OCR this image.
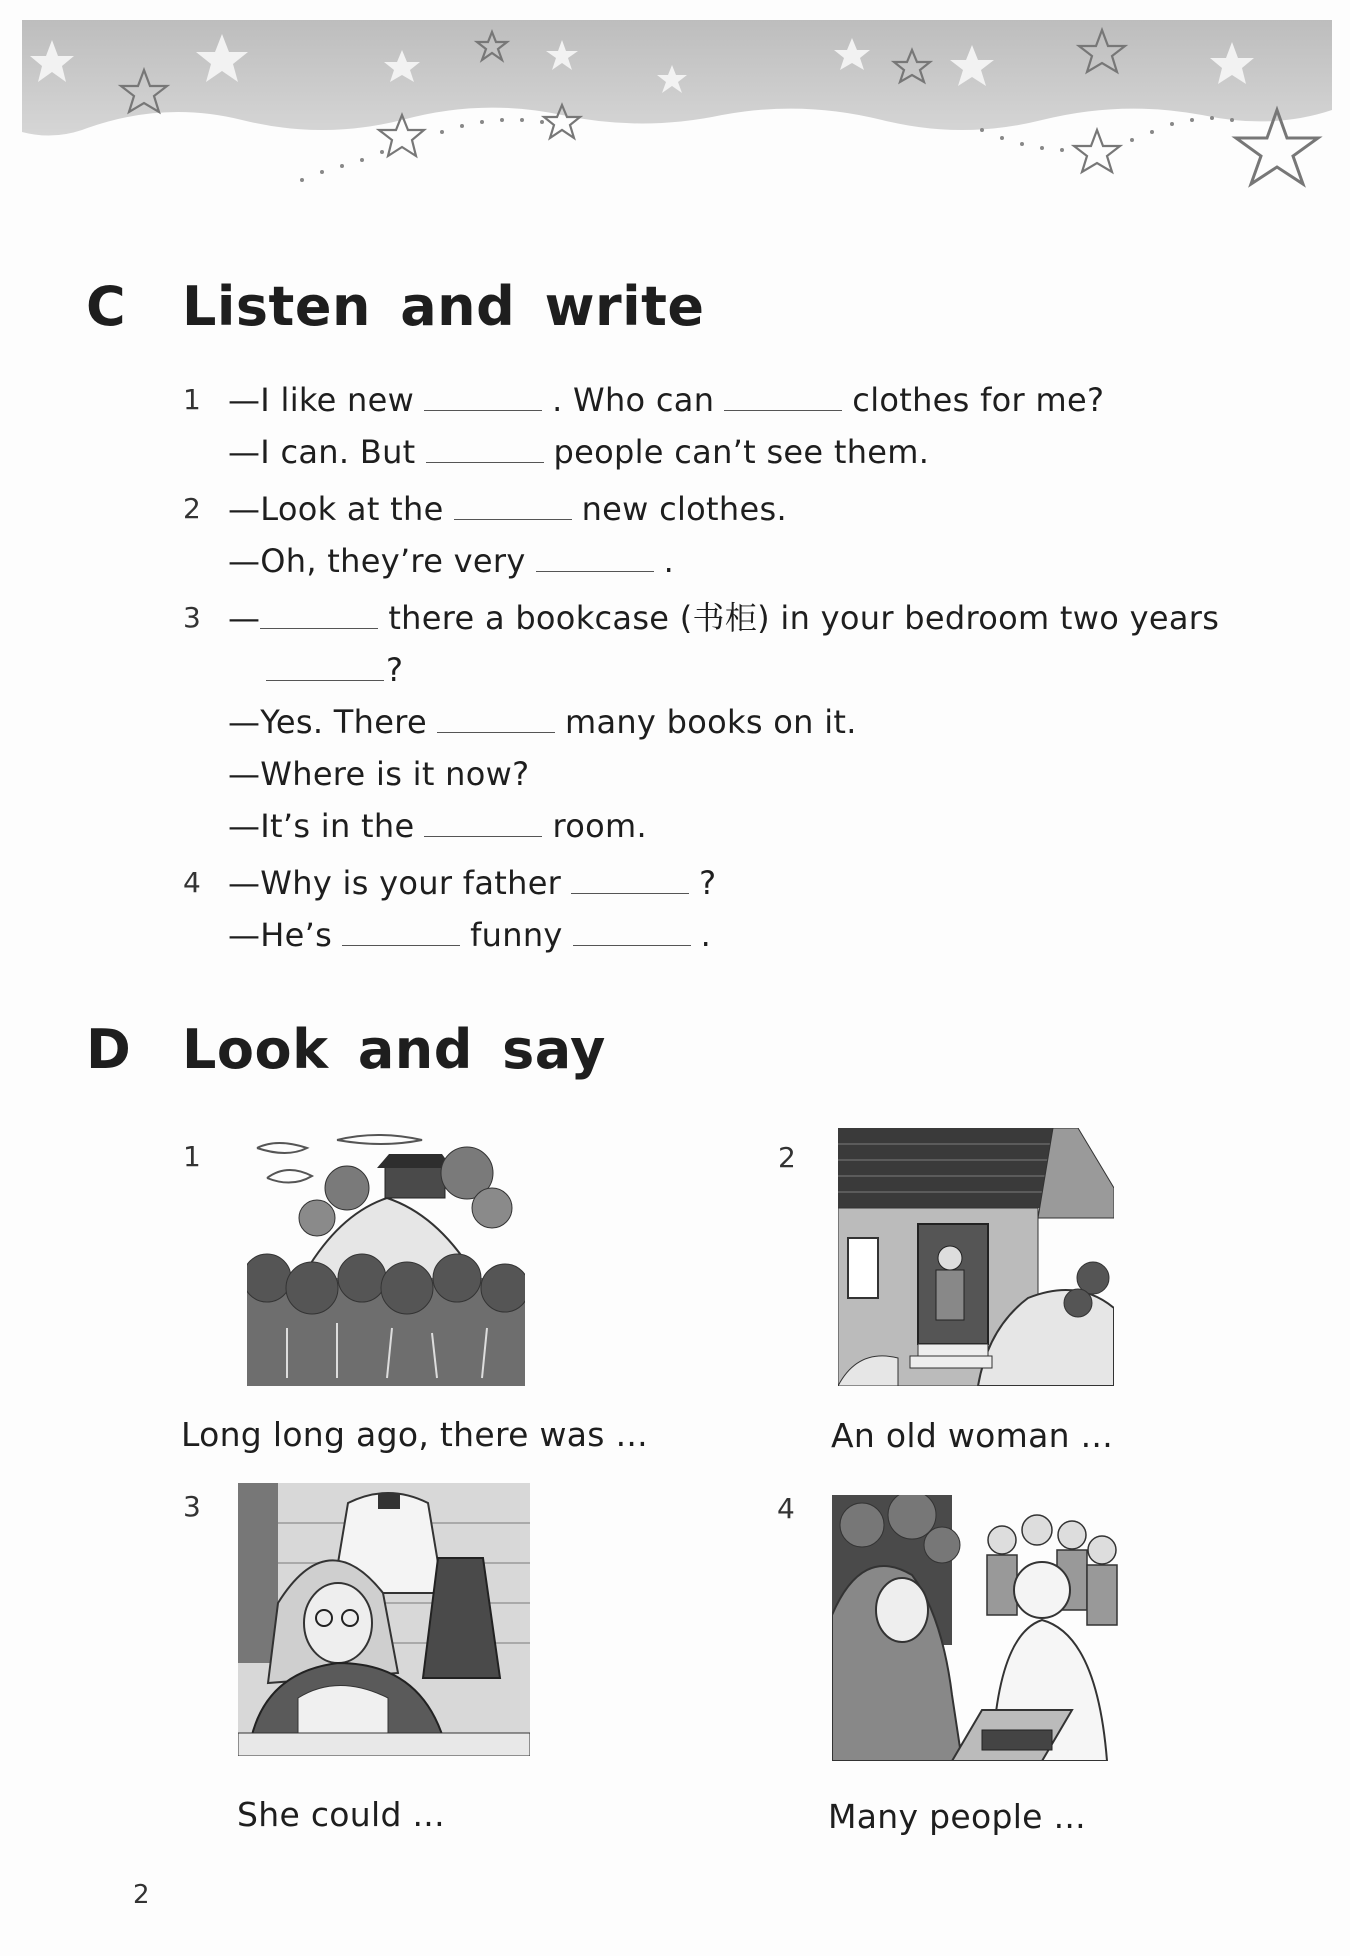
C	Listen and write
1 —I like new	. Who can	clothes for me?
—I can. But	people can’t see them.
2 —Look at the	new clothes.
—Oh, they’re very	.
3 —	there a bookcase (书柜) in your bedroom two years
?
—Yes. There	many books on it.
—Where is it now?
—It’s in the	room.
4 —Why is your father	?
—He’s	funny	.
D Look and say
1
Long long ago, there was ...
2
An old woman ...
3
She could ...
4
Many people ...
2
